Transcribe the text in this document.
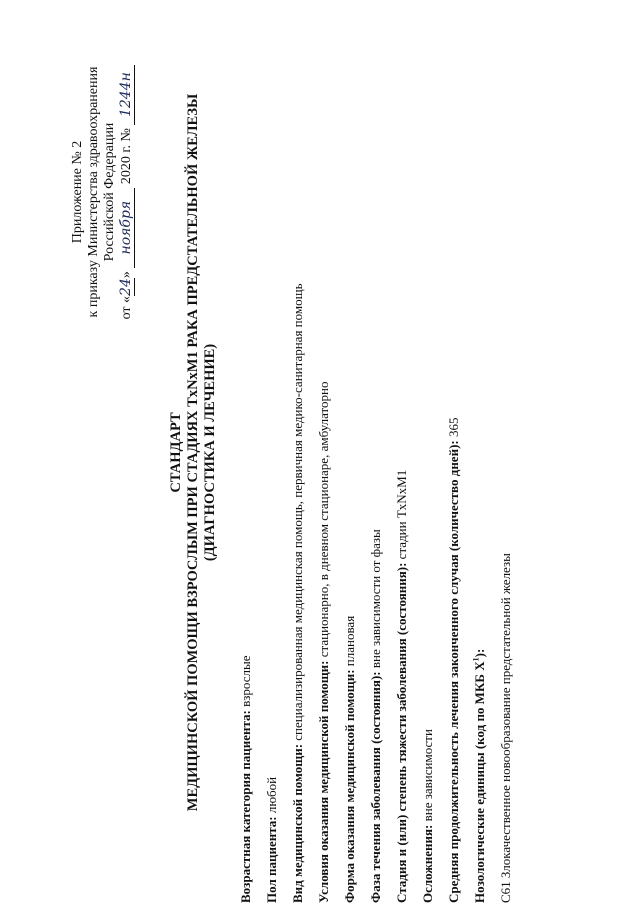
Приложение № 2 к приказу Министерства здравоохранения Российской Федерации
от «24» ноября 2020 г. № 1244н
СТАНДАРТ МЕДИЦИНСКОЙ ПОМОЩИ ВЗРОСЛЫМ ПРИ СТАДИЯХ TxNxM1 РАКА ПРЕДСТАТЕЛЬНОЙ ЖЕЛЕЗЫ (ДИАГНОСТИКА И ЛЕЧЕНИЕ)
Возрастная категория пациента: взрослые
Пол пациента: любой Вид медицинской помощи: специализированная медицинская помощь, первичная медико-санитарная помощь
Условия оказания медицинской помощи: стационарно, в дневном стационаре, амбулаторно
Форма оказания медицинской помощи: плановая
Фаза течения заболевания (состояния): вне зависимости от фазы Стадия и (или) степень тяжести заболевания (состояния): стадии TxNxM1
Осложнения: вне зависимости Средняя продолжительность лечения законченного случая (количество дней): 365
Нозологические единицы (код по МКБ $X^1$): C61 Злокачественное новообразование предстательной железы
